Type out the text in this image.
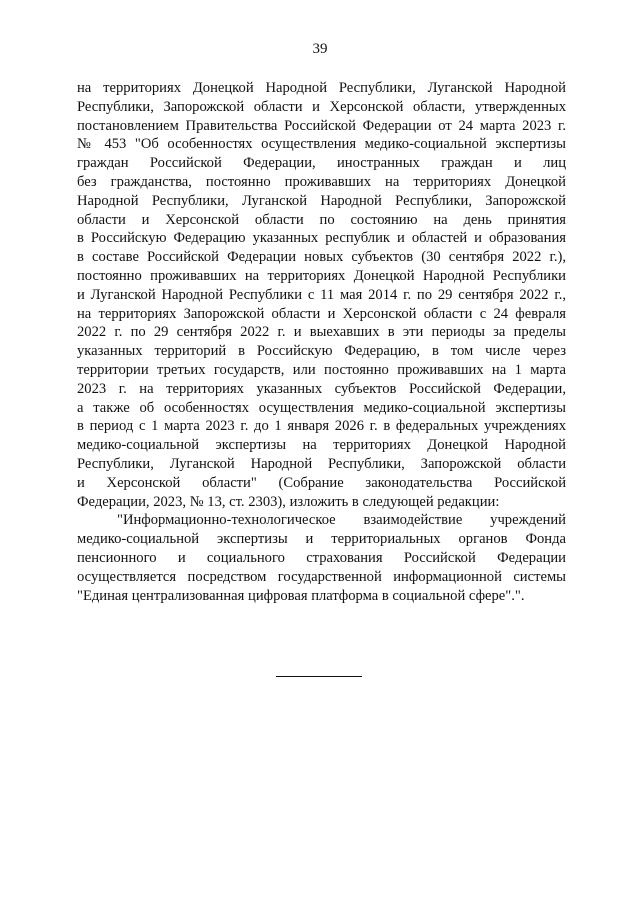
39
на территориях Донецкой Народной Республики, Луганской Народной
Республики, Запорожской области и Херсонской области, утвержденных
постановлением Правительства Российской Федерации от 24 марта 2023 г.
№ 453 "Об особенностях осуществления медико-социальной экспертизы
граждан Российской Федерации, иностранных граждан и лиц
без гражданства, постоянно проживавших на территориях Донецкой
Народной Республики, Луганской Народной Республики, Запорожской
области и Херсонской области по состоянию на день принятия
в Российскую Федерацию указанных республик и областей и образования
в составе Российской Федерации новых субъектов (30 сентября 2022 г.),
постоянно проживавших на территориях Донецкой Народной Республики
и Луганской Народной Республики с 11 мая 2014 г. по 29 сентября 2022 г.,
на территориях Запорожской области и Херсонской области с 24 февраля
2022 г. по 29 сентября 2022 г. и выехавших в эти периоды за пределы
указанных территорий в Российскую Федерацию, в том числе через
территории третьих государств, или постоянно проживавших на 1 марта
2023 г. на территориях указанных субъектов Российской Федерации,
а также об особенностях осуществления медико-социальной экспертизы
в период с 1 марта 2023 г. до 1 января 2026 г. в федеральных учреждениях
медико-социальной экспертизы на территориях Донецкой Народной
Республики, Луганской Народной Республики, Запорожской области
и Херсонской области" (Собрание законодательства Российской
Федерации, 2023, № 13, ст. 2303), изложить в следующей редакции:
"Информационно-технологическое взаимодействие учреждений
медико-социальной экспертизы и территориальных органов Фонда
пенсионного и социального страхования Российской Федерации
осуществляется посредством государственной информационной системы
"Единая централизованная цифровая платформа в социальной сфере".".
